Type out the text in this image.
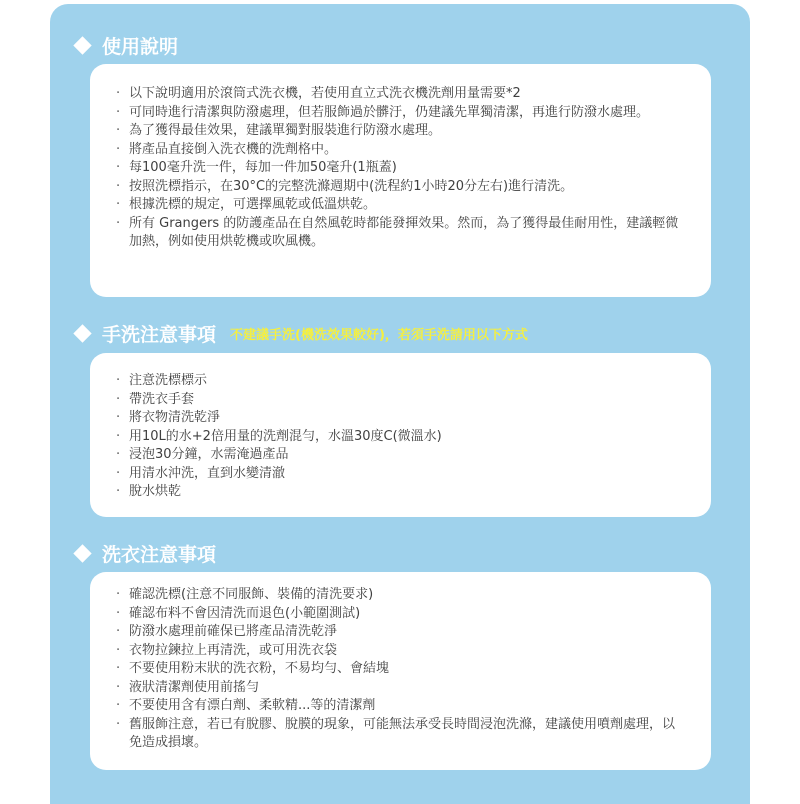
使用說明
· 以下說明適用於滾筒式洗衣機，若使用直立式洗衣機洗劑用量需要*2
· 可同時進行清潔與防潑處理，但若服飾過於髒汙，仍建議先單獨清潔，再進行防潑水處理。
· 為了獲得最佳效果，建議單獨對服裝進行防潑水處理。
· 將產品直接倒入洗衣機的洗劑格中。
· 每100毫升洗一件，每加一件加50毫升(1瓶蓋)
· 按照洗標指示，在30°C的完整洗滌週期中(洗程約1小時20分左右)進行清洗。
· 根據洗標的規定，可選擇風乾或低溫烘乾。
· 所有 Grangers 的防護產品在自然風乾時都能發揮效果。然而，為了獲得最佳耐用性，建議輕微加熱，例如使用烘乾機或吹風機。
手洗注意事項 不建議手洗(機洗效果較好)，若須手洗請用以下方式
· 注意洗標標示
· 帶洗衣手套
· 將衣物清洗乾淨
· 用10L的水+2倍用量的洗劑混勻，水溫30度C(微溫水)
· 浸泡30分鐘，水需淹過產品
· 用清水沖洗，直到水變清澈
· 脫水烘乾
洗衣注意事項
· 確認洗標(注意不同服飾、裝備的清洗要求)
· 確認布料不會因清洗而退色(小範圍測試)
· 防潑水處理前確保已將產品清洗乾淨
· 衣物拉鍊拉上再清洗，或可用洗衣袋
· 不要使用粉末狀的洗衣粉，不易均勻、會結塊
· 液狀清潔劑使用前搖勻
· 不要使用含有漂白劑、柔軟精...等的清潔劑
· 舊服飾注意，若已有脫膠、脫膜的現象，可能無法承受長時間浸泡洗滌，建議使用噴劑處理，以免造成損壞。
